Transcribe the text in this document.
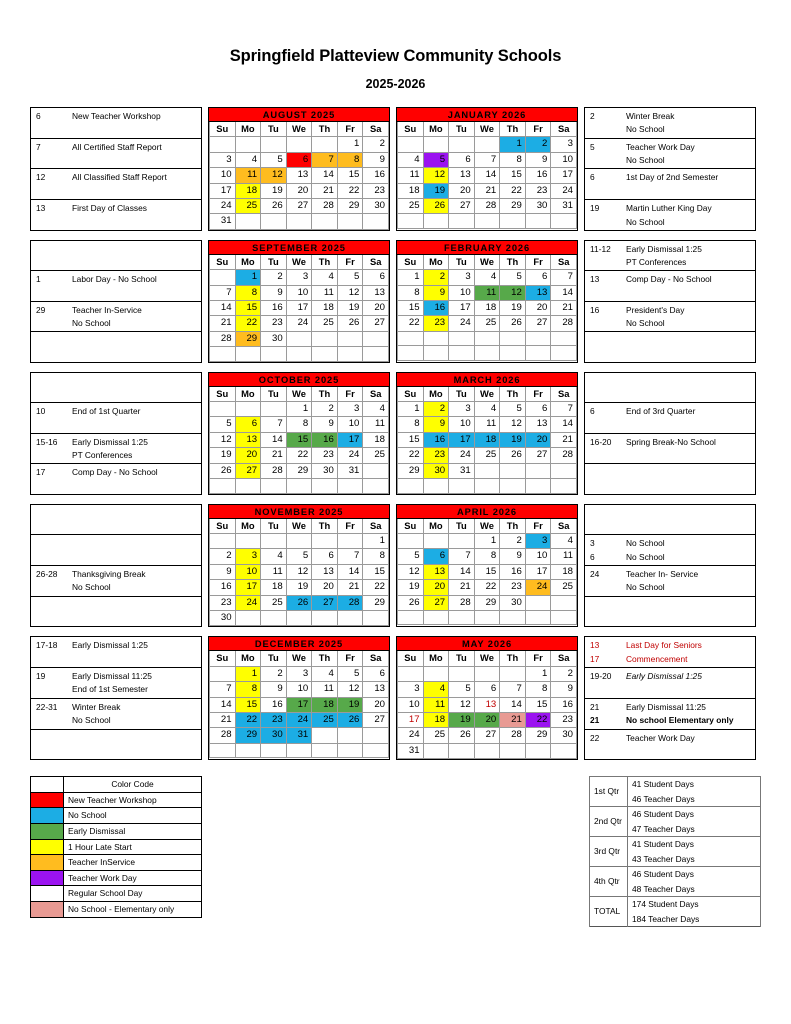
Springfield Platteview Community Schools
2025-2026
6	New Teacher Workshop
7	All Certified Staff Report
12	All Classified Staff Report
13	First Day of Classes
AUGUST 2025
Su	Mo	Tu	We	Th	Fr	Sa
					1	2
3	4	5	6	7	8	9
10	11	12	13	14	15	16
17	18	19	20	21	22	23
24	25	26	27	28	29	30
31						
JANUARY 2026
Su	Mo	Tu	We	Th	Fr	Sa
				1	2	3
4	5	6	7	8	9	10
11	12	13	14	15	16	17
18	19	20	21	22	23	24
25	26	27	28	29	30	31

2	Winter Break
No School
5	Teacher Work Day
No School
6	1st Day of 2nd Semester
19	Martin Luther King Day
No School
1	Labor Day - No School
29	Teacher In-Service
No School
SEPTEMBER 2025
Su	Mo	Tu	We	Th	Fr	Sa
	1	2	3	4	5	6
7	8	9	10	11	12	13
14	15	16	17	18	19	20
21	22	23	24	25	26	27
28	29	30				

FEBRUARY 2026
Su	Mo	Tu	We	Th	Fr	Sa
1	2	3	4	5	6	7
8	9	10	11	12	13	14
15	16	17	18	19	20	21
22	23	24	25	26	27	28

11-12	Early Dismissal 1:25
PT Conferences
13	Comp Day - No School
16	President's Day
No School
10	End of 1st Quarter
15-16	Early Dismissal 1:25
PT Conferences
17	Comp Day - No School
OCTOBER 2025
Su	Mo	Tu	We	Th	Fr	Sa
			1	2	3	4
5	6	7	8	9	10	11
12	13	14	15	16	17	18
19	20	21	22	23	24	25
26	27	28	29	30	31	

MARCH 2026
Su	Mo	Tu	We	Th	Fr	Sa
1	2	3	4	5	6	7
8	9	10	11	12	13	14
15	16	17	18	19	20	21
22	23	24	25	26	27	28
29	30	31				

6	End of 3rd Quarter
16-20	Spring Break-No School
26-28	Thanksgiving Break
No School
NOVEMBER 2025
Su	Mo	Tu	We	Th	Fr	Sa
						1
2	3	4	5	6	7	8
9	10	11	12	13	14	15
16	17	18	19	20	21	22
23	24	25	26	27	28	29
30						
APRIL 2026
Su	Mo	Tu	We	Th	Fr	Sa
			1	2	3	4
5	6	7	8	9	10	11
12	13	14	15	16	17	18
19	20	21	22	23	24	25
26	27	28	29	30		

3	No School
6	No School
24	Teacher In- Service
No School
17-18	Early Dismissal 1:25
19	Early Dismissal 11:25
End of 1st Semester
22-31	Winter Break
No School
DECEMBER 2025
Su	Mo	Tu	We	Th	Fr	Sa
	1	2	3	4	5	6
7	8	9	10	11	12	13
14	15	16	17	18	19	20
21	22	23	24	25	26	27
28	29	30	31			

MAY 2026
Su	Mo	Tu	We	Th	Fr	Sa
					1	2
3	4	5	6	7	8	9
10	11	12	13	14	15	16
17	18	19	20	21	22	23
24	25	26	27	28	29	30
31						
13	Last Day for Seniors
17	Commencement
19-20	Early Dismissal 1:25
21	Early Dismissal 11:25
21	No school Elementary only
22	Teacher Work Day
	Color Code
	New Teacher Workshop
	No School
	Early Dismissal
	1 Hour Late Start
	Teacher InService
	Teacher Work Day
	Regular School Day
	No School - Elementary only
1st Qtr	41 Student Days
	46 Teacher Days
2nd Qtr	46 Student Days
	47 Teacher Days
3rd Qtr	41 Student Days
	43 Teacher Days
4th Qtr	46 Student Days
	48 Teacher Days
TOTAL	174 Student Days
	184 Teacher Days
